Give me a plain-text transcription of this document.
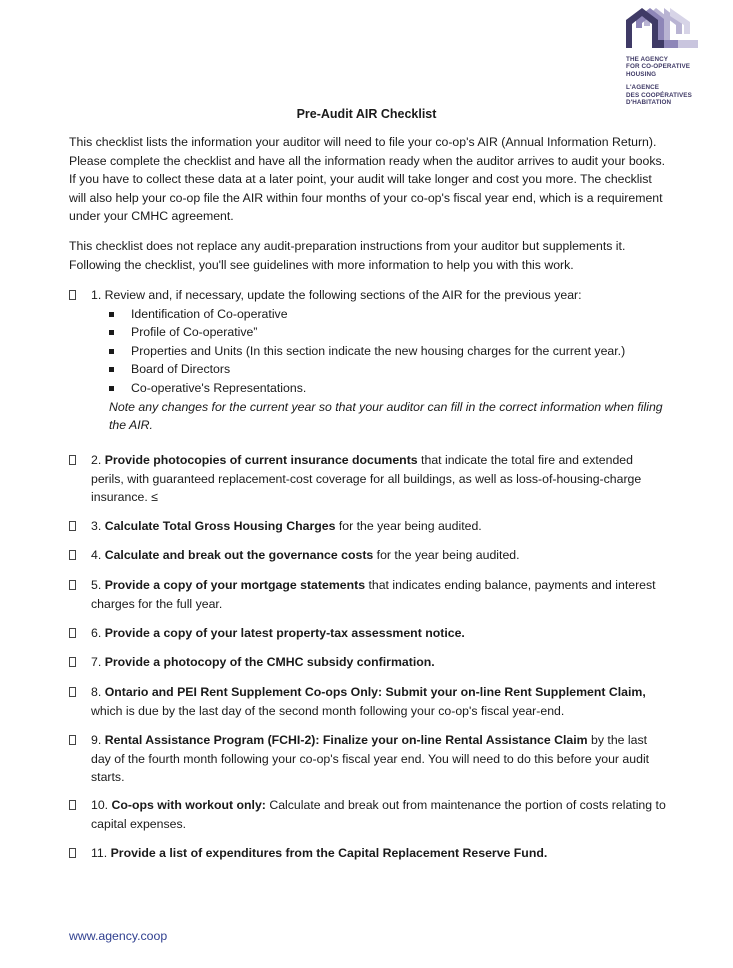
THE AGENCY
FOR CO-OPERATIVE
HOUSING
L'AGENCE
DES COOPÉRATIVES
D'HABITATION
Pre-Audit AIR Checklist
This checklist lists the information your auditor will need to file your co-op's AIR (Annual Information Return). Please complete the checklist and have all the information ready when the auditor arrives to audit your books. If you have to collect these data at a later point, your audit will take longer and cost you more. The checklist will also help your co-op file the AIR within four months of your co-op's fiscal year end, which is a requirement under your CMHC agreement.
This checklist does not replace any audit-preparation instructions from your auditor but supplements it. Following the checklist, you'll see guidelines with more information to help you with this work.
1. Review and, if necessary, update the following sections of the AIR for the previous year:
Identification of Co-operative
Profile of Co-operative”
Properties and Units (In this section indicate the new housing charges for the current year.)
Board of Directors
Co-operative's Representations.
Note any changes for the current year so that your auditor can fill in the correct information when filing the AIR.
2. Provide photocopies of current insurance documents that indicate the total fire and extended perils, with guaranteed replacement-cost coverage for all buildings, as well as loss-of-housing-charge insurance. ≤
3. Calculate Total Gross Housing Charges for the year being audited.
4. Calculate and break out the governance costs for the year being audited.
5. Provide a copy of your mortgage statements that indicates ending balance, payments and interest charges for the full year.
6. Provide a copy of your latest property-tax assessment notice.
7. Provide a photocopy of the CMHC subsidy confirmation.
8. Ontario and PEI Rent Supplement Co-ops Only: Submit your on-line Rent Supplement Claim, which is due by the last day of the second month following your co-op's fiscal year-end.
9. Rental Assistance Program (FCHI-2): Finalize your on-line Rental Assistance Claim by the last day of the fourth month following your co-op's fiscal year end. You will need to do this before your audit starts.
10. Co-ops with workout only: Calculate and break out from maintenance the portion of costs relating to capital expenses.
11. Provide a list of expenditures from the Capital Replacement Reserve Fund.
www.agency.coop
